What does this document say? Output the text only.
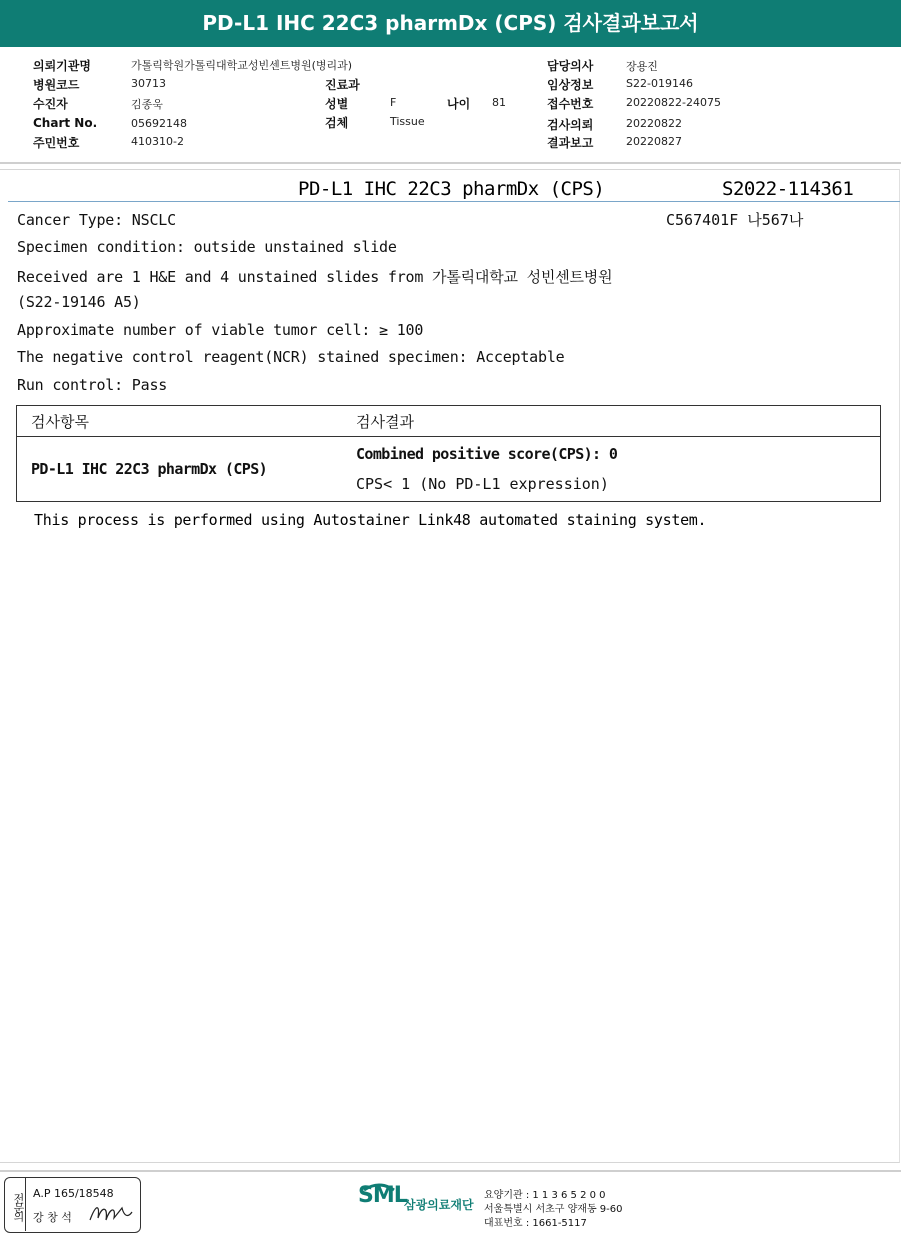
PD-L1 IHC 22C3 pharmDx (CPS) 검사결과보고서
의뢰기관명	가톨릭학원가톨릭대학교성빈센트병원(병리과)
병원코드	30713
수진자	김종욱
Chart No.	05692148
주민번호	410310-2
진료과
성별	F	나이 81
검체	Tissue
담당의사	장용진
임상정보	S22-019146
접수번호	20220822-24075
검사의뢰	20220822
결과보고	20220827
PD-L1 IHC 22C3 pharmDx (CPS)	S2022-114361
C567401F 나567나
Cancer Type: NSCLC
Specimen condition: outside unstained slide
Received are 1 H&E and 4 unstained slides from 가톨릭대학교 성빈센트병원
(S22-19146 A5)
Approximate number of viable tumor cell: ≥ 100
The negative control reagent(NCR) stained specimen: Acceptable
Run control: Pass
검사항목	검사결과
PD-L1 IHC 22C3 pharmDx (CPS)	Combined positive score(CPS): 0
CPS< 1 (No PD-L1 expression)
This process is performed using Autostainer Link48 automated staining system.
전문의 A.P 165/18548
강 창 석
SML
삼광의료재단
요양기관 : 1 1 3 6 5 2 0 0
서울특별시 서초구 양재동 9-60
대표번호 : 1661-5117
